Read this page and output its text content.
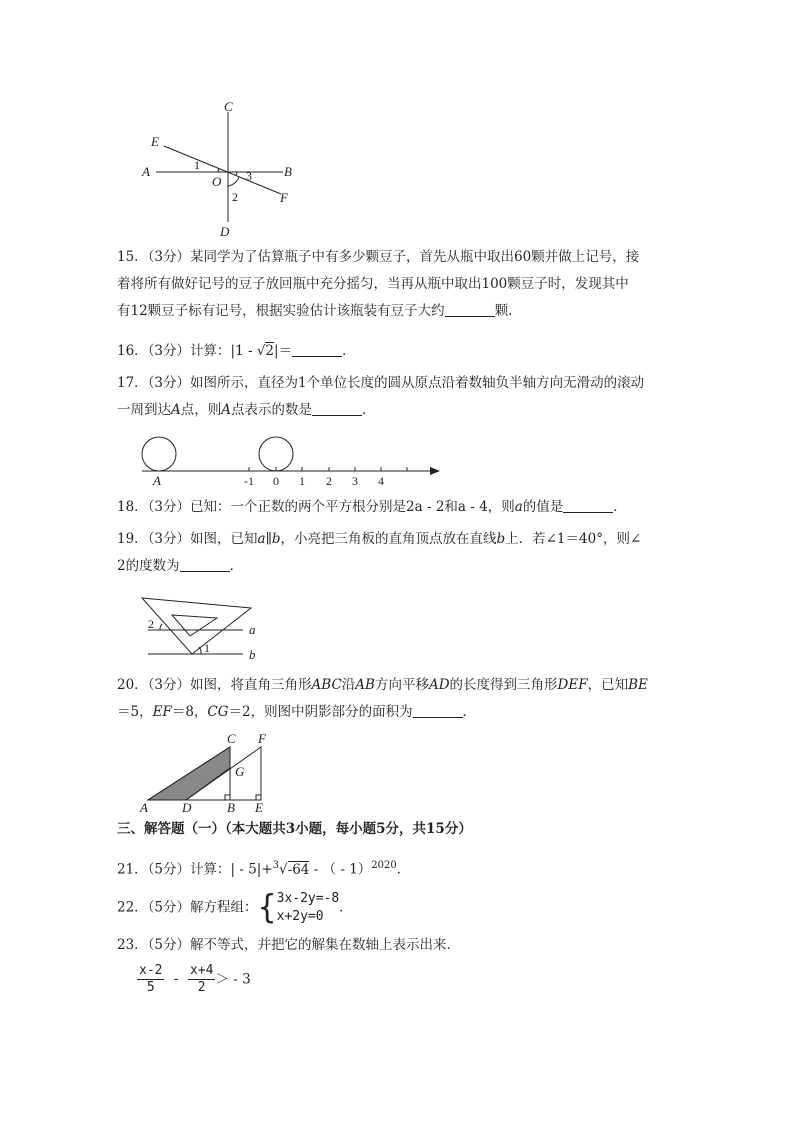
C
E
A
O
B
F
D
1
3
2
15．（3分）某同学为了估算瓶子中有多少颗豆子，首先从瓶中取出60颗并做上记号，接
着将所有做好记号的豆子放回瓶中充分摇匀，当再从瓶中取出100颗豆子时，发现其中
有12颗豆子标有记号，根据实验估计该瓶装有豆子大约	颗．
16．（3分）计算：|1 - √2|＝	．
17．（3分）如图所示，直径为1个单位长度的圆从原点沿着数轴负半轴方向无滑动的滚动
一周到达A点，则A点表示的数是	．
A	-1 0 1 2 3 4
18．（3分）已知：一个正数的两个平方根分别是2a - 2和a - 4，则a的值是	．
19．（3分）如图，已知a∥b，小亮把三角板的直角顶点放在直线b上．若∠1＝40°，则∠
2的度数为	．
2
1
a
b
20．（3分）如图，将直角三角形ABC沿AB方向平移AD的长度得到三角形DEF，已知BE
＝5，EF＝8，CG＝2，则图中阴影部分的面积为	．
C F
G
A	D	B E
三、解答题（一）（本大题共3小题，每小题5分，共15分）
21．（5分）计算：| - 5|+$^3$√-64 - （ - 1）$^{2020}$．
22．（5分）解方程组：{ 3x-2y=-8
x+2y=0
．
23．（5分）解不等式，并把它的解集在数轴上表示出来．
$\frac{x-2}{5} - \frac{x+4}{2}$ ＞ - 3
